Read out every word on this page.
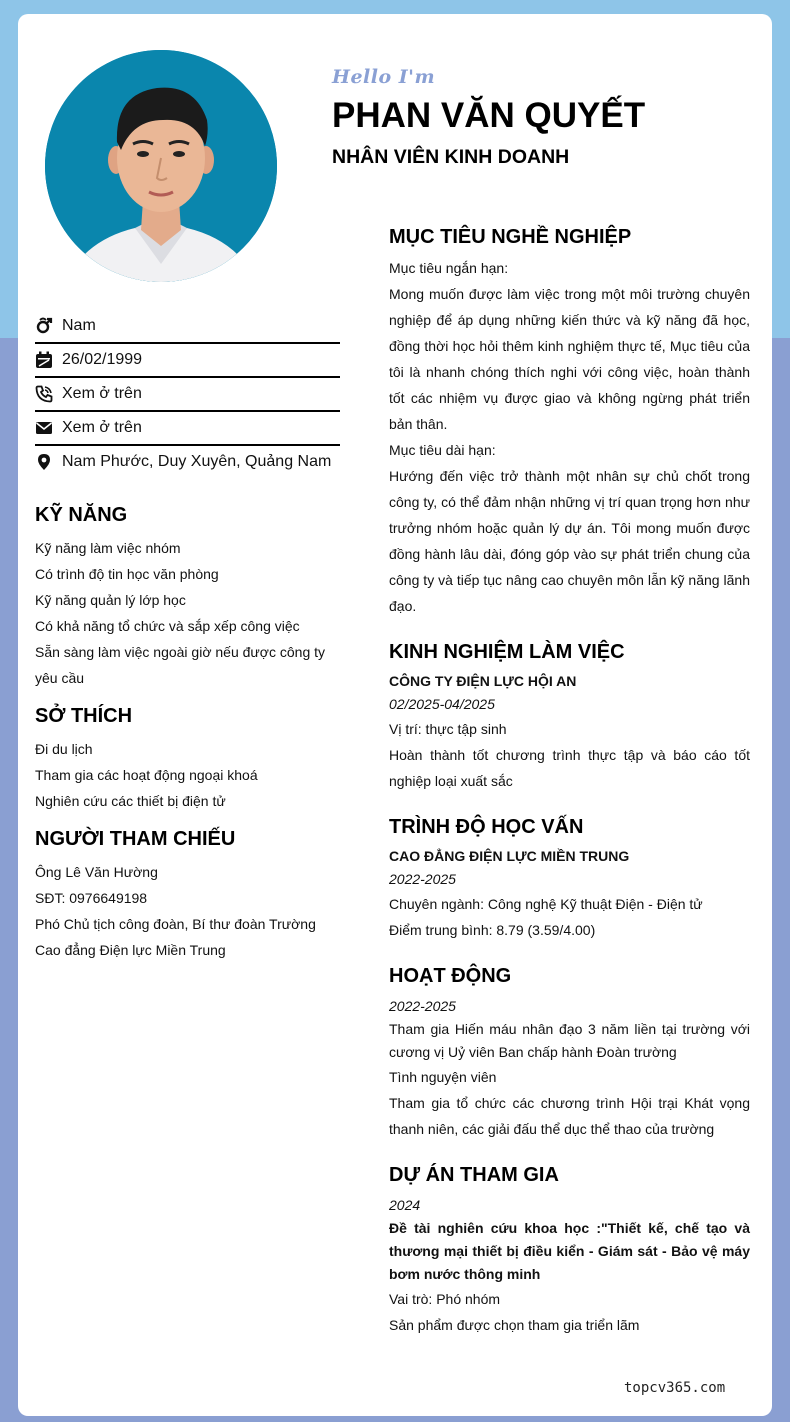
Hello I'm
PHAN VĂN QUYẾT
NHÂN VIÊN KINH DOANH
Nam
26/02/1999
Xem ở trên
Xem ở trên
Nam Phước, Duy Xuyên, Quảng Nam
KỸ NĂNG
Kỹ năng làm việc nhóm
Có trình độ tin học văn phòng
Kỹ năng quản lý lớp học
Có khả năng tổ chức và sắp xếp công việc
Sẵn sàng làm việc ngoài giờ nếu được công ty yêu cầu
SỞ THÍCH
Đi du lịch
Tham gia các hoạt động ngoại khoá
Nghiên cứu các thiết bị điện tử
NGƯỜI THAM CHIẾU
Ông Lê Văn Hường
SĐT: 0976649198
Phó Chủ tịch công đoàn, Bí thư đoàn Trường Cao đẳng Điện lực Miền Trung
MỤC TIÊU NGHỀ NGHIỆP
Mục tiêu ngắn hạn:
Mong muốn được làm việc trong một môi trường chuyên nghiệp để áp dụng những kiến thức và kỹ năng đã học, đồng thời học hỏi thêm kinh nghiệm thực tế, Mục tiêu của tôi là nhanh chóng thích nghi với công việc, hoàn thành tốt các nhiệm vụ được giao và không ngừng phát triển bản thân.
Mục tiêu dài hạn:
Hướng đến việc trở thành một nhân sự chủ chốt trong công ty, có thể đảm nhận những vị trí quan trọng hơn như trưởng nhóm hoặc quản lý dự án. Tôi mong muốn được đồng hành lâu dài, đóng góp vào sự phát triển chung của công ty và tiếp tục nâng cao chuyên môn lẫn kỹ năng lãnh đạo.
KINH NGHIỆM LÀM VIỆC
CÔNG TY ĐIỆN LỰC HỘI AN
02/2025-04/2025
Vị trí: thực tập sinh
Hoàn thành tốt chương trình thực tập và báo cáo tốt nghiệp loại xuất sắc
TRÌNH ĐỘ HỌC VẤN
CAO ĐẲNG ĐIỆN LỰC MIỀN TRUNG
2022-2025
Chuyên ngành: Công nghệ Kỹ thuật Điện - Điện tử
Điểm trung bình: 8.79 (3.59/4.00)
HOẠT ĐỘNG
2022-2025
Tham gia Hiến máu nhân đạo 3 năm liền tại trường với cương vị Uỷ viên Ban chấp hành Đoàn trường
Tình nguyện viên
Tham gia tổ chức các chương trình Hội trại Khát vọng thanh niên, các giải đấu thể dục thể thao của trường
DỰ ÁN THAM GIA
2024
Đề tài nghiên cứu khoa học :"Thiết kế, chế tạo và thương mại thiết bị điều kiển - Giám sát - Bảo vệ máy bơm nước thông minh
Vai trò: Phó nhóm
Sản phẩm được chọn tham gia triển lãm
topcv365.com
